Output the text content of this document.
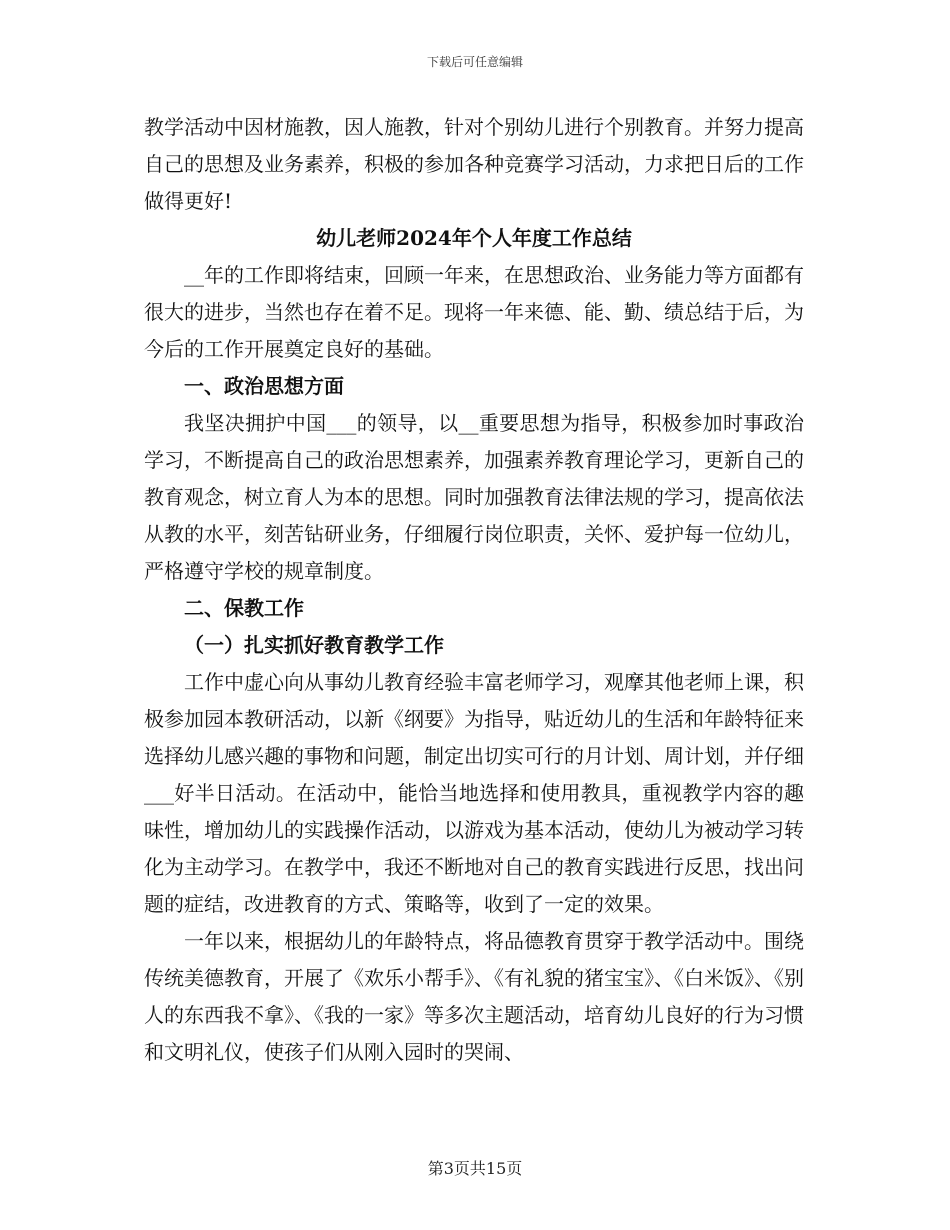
下载后可任意编辑

教学活动中因材施教，因人施教，针对个别幼儿进行个别教育。并努力提高自己的思想及业务素养，积极的参加各种竞赛学习活动，力求把日后的工作做得更好!

幼儿老师2024年个人年度工作总结

__年的工作即将结束，回顾一年来，在思想政治、业务能力等方面都有很大的进步，当然也存在着不足。现将一年来德、能、勤、绩总结于后，为今后的工作开展奠定良好的基础。

一、政治思想方面

我坚决拥护中国___的领导，以__重要思想为指导，积极参加时事政治学习，不断提高自己的政治思想素养，加强素养教育理论学习，更新自己的教育观念，树立育人为本的思想。同时加强教育法律法规的学习，提高依法从教的水平，刻苦钻研业务，仔细履行岗位职责，关怀、爱护每一位幼儿，严格遵守学校的规章制度。

二、保教工作
（一）扎实抓好教育教学工作

工作中虚心向从事幼儿教育经验丰富老师学习，观摩其他老师上课，积极参加园本教研活动，以新《纲要》为指导，贴近幼儿的生活和年龄特征来选择幼儿感兴趣的事物和问题，制定出切实可行的月计划、周计划，并仔细___好半日活动。在活动中，能恰当地选择和使用教具，重视教学内容的趣味性，增加幼儿的实践操作活动，以游戏为基本活动，使幼儿为被动学习转化为主动学习。在教学中，我还不断地对自己的教育实践进行反思，找出问题的症结，改进教育的方式、策略等，收到了一定的效果。

一年以来，根据幼儿的年龄特点，将品德教育贯穿于教学活动中。围绕传统美德教育，开展了《欢乐小帮手》、《有礼貌的猪宝宝》、《白米饭》、《别人的东西我不拿》、《我的一家》等多次主题活动，培育幼儿良好的行为习惯和文明礼仪，使孩子们从刚入园时的哭闹、

第3页共15页
